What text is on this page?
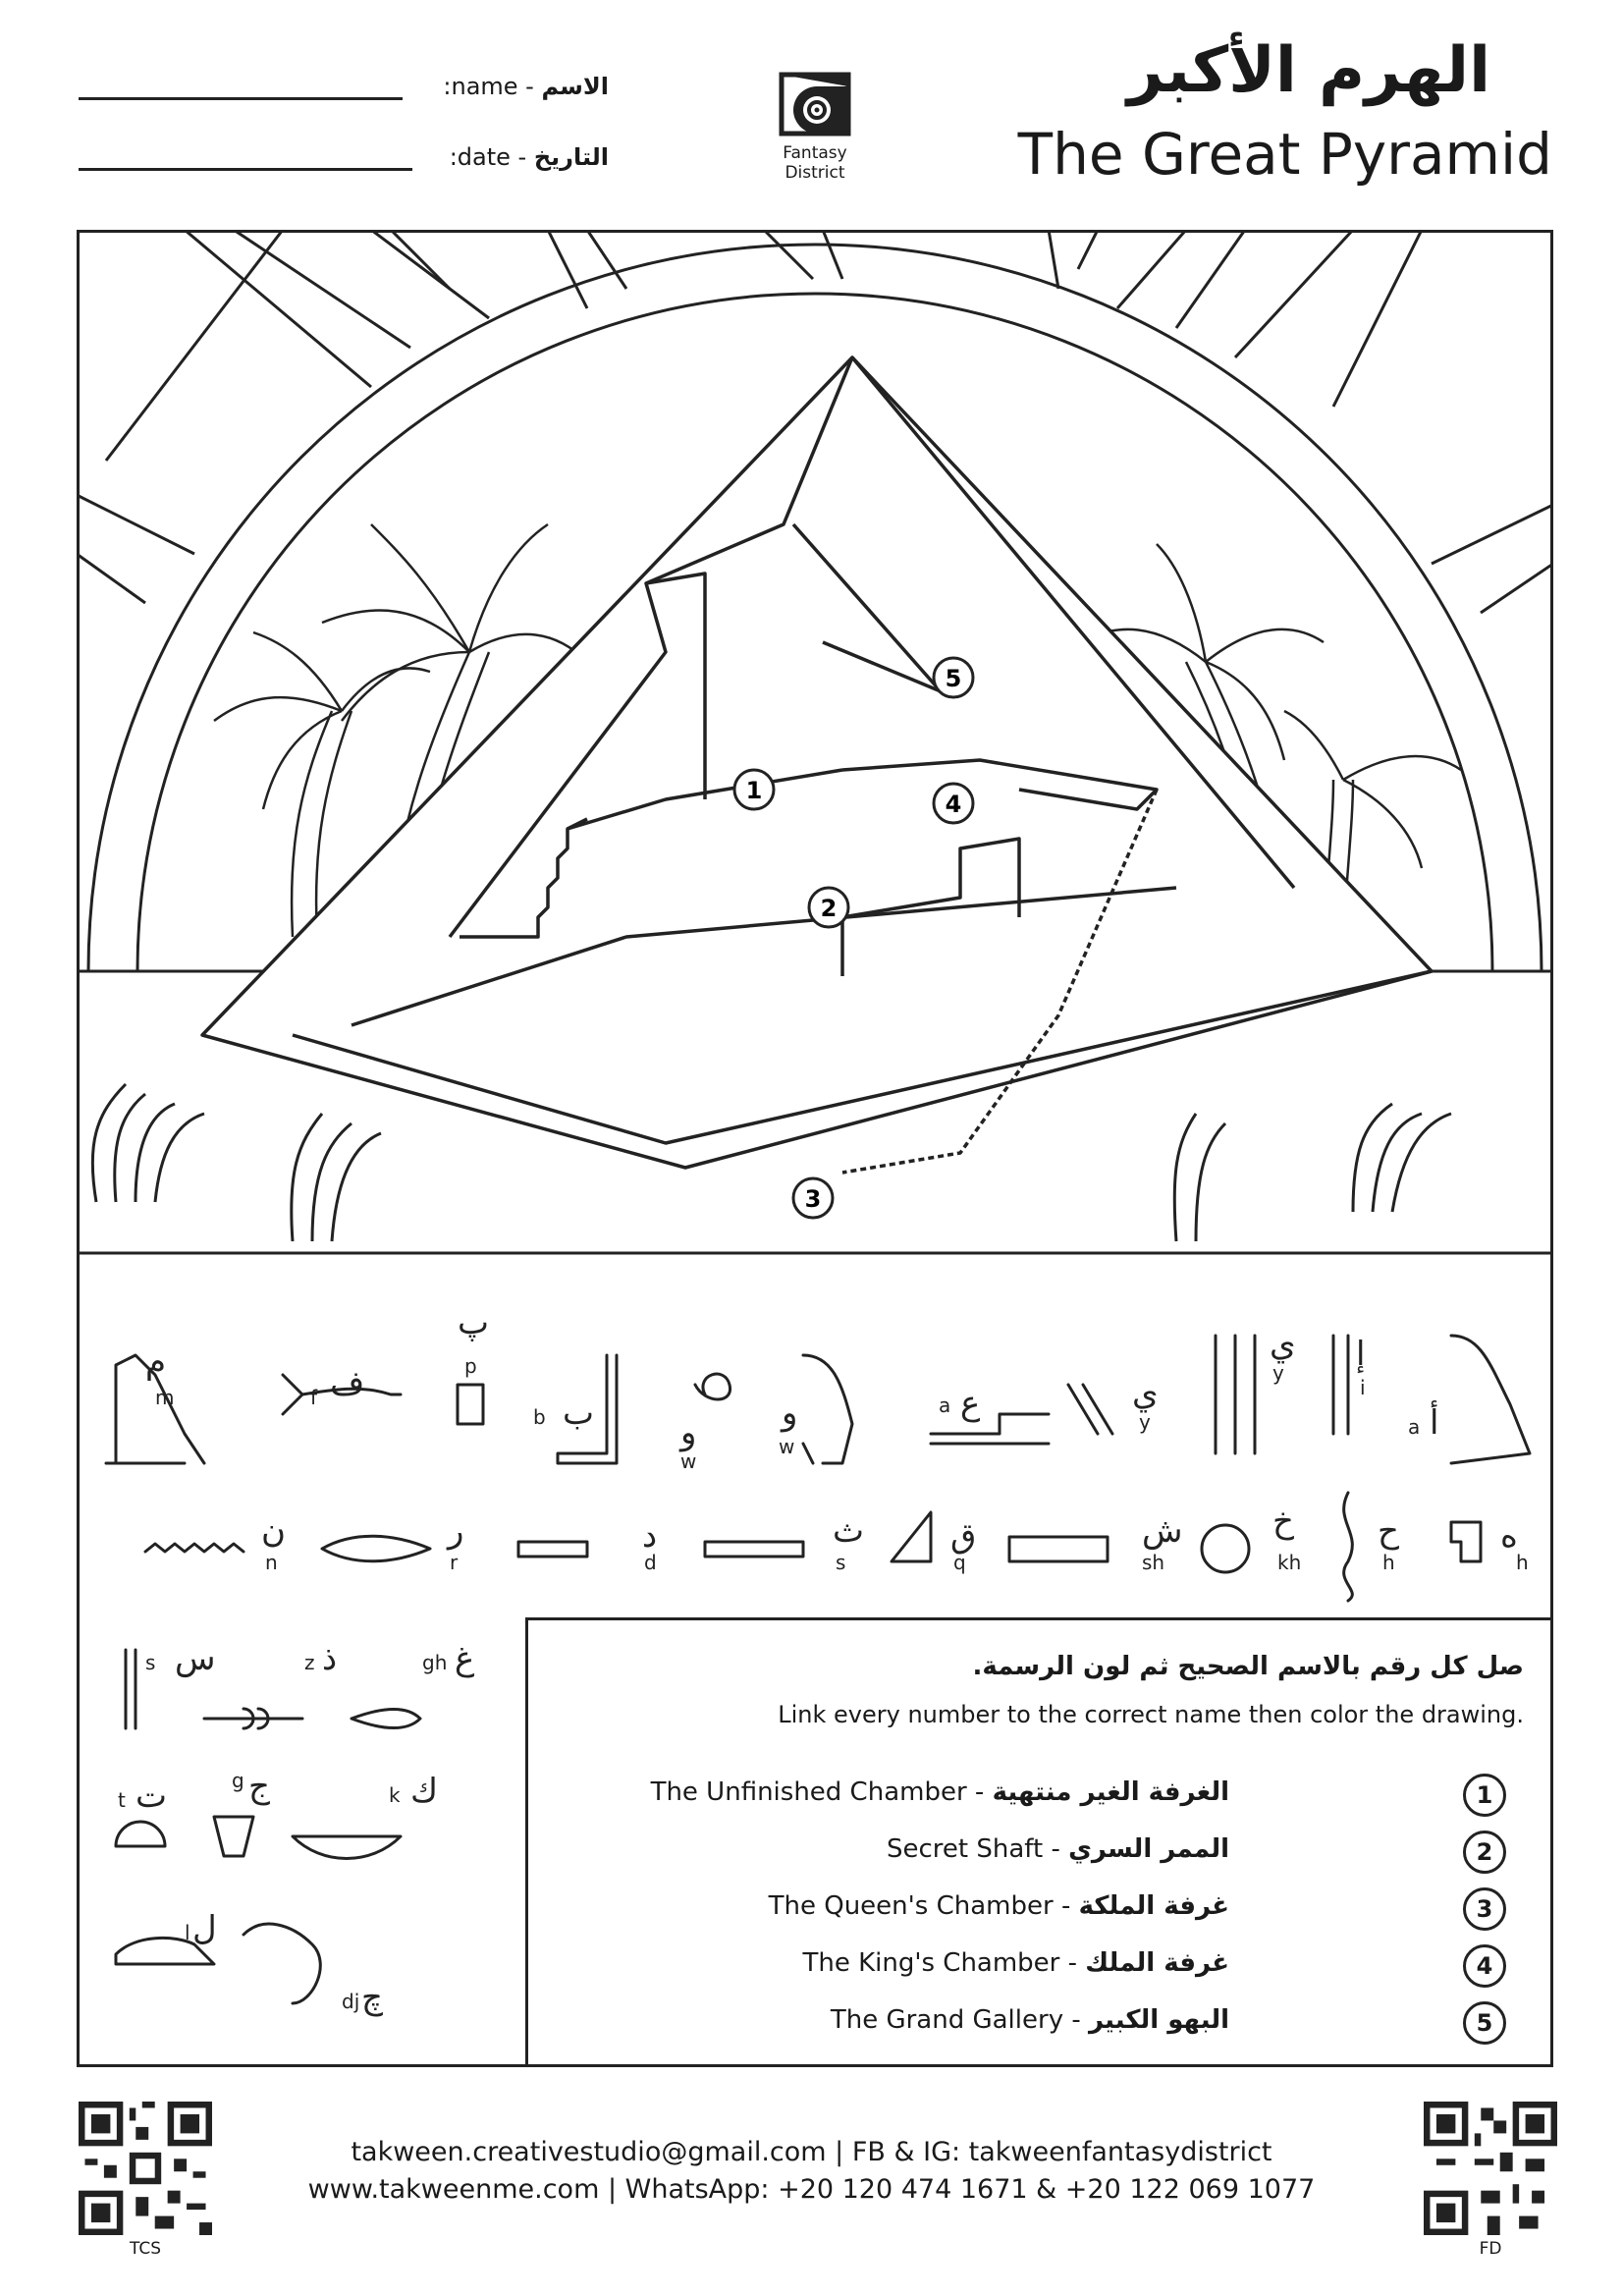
الهرم الأكبر
The Great Pyramid
:name - الاسم
:date - التاريخ	Fantasy
District
1
2
3
4
5
م
m	ف
f
پ
p
ب
b	و
w
و
w
ع
a	ي
y
ي
y إ
i
أ
a
ن
n
ر
r
د
d
ث
s
ق
q
ش
sh
خ
kh
ح
h
ه
h
س
s	ذ
z	غ
gh
ت
t	ج
g	ك
k
ل
l
چ
dj
صل كل رقم بالاسم الصحيح ثم لون الرسمة.
Link every number to the correct name then color the drawing.
The Unfinished Chamber - الغرفة الغير منتهية	1
Secret Shaft - الممر السري	2
The Queen's Chamber - غرفة الملكة	3
The King's Chamber - غرفة الملك	4
The Grand Gallery - البهو الكبير	5
takween.creativestudio@gmail.com | FB & IG: takweenfantasydistrict
www.takweenme.com | WhatsApp: +20 120 474 1671 & +20 122 069 1077
TCS	FD
